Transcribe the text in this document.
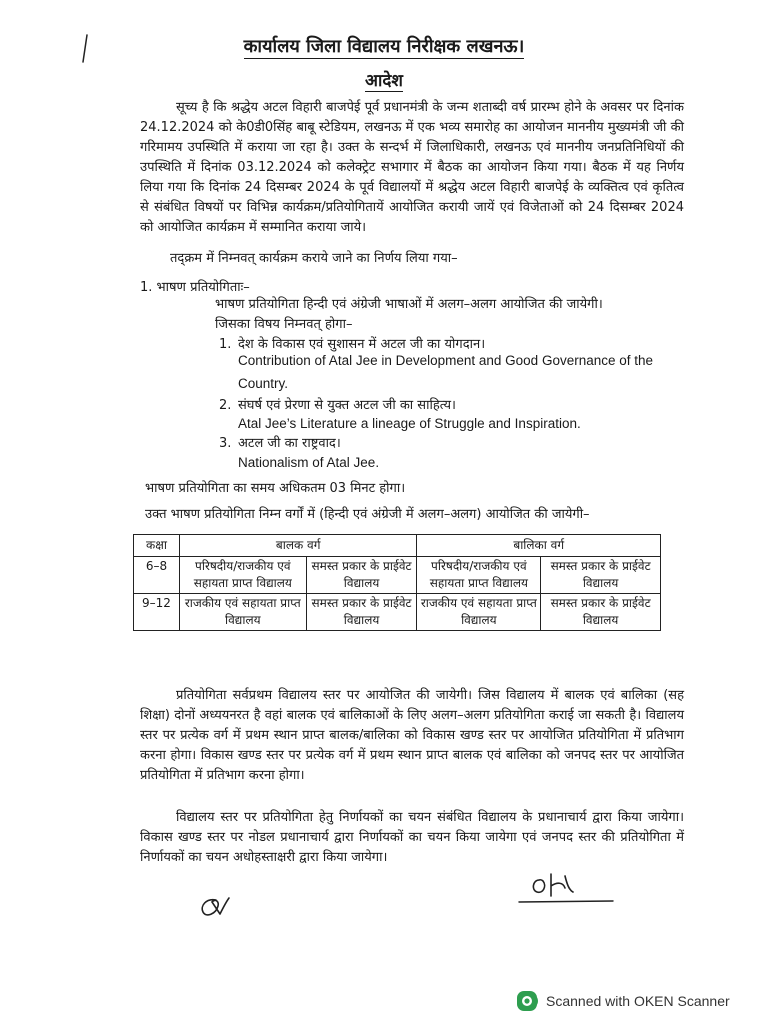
कार्यालय जिला विद्यालय निरीक्षक लखनऊ।
आदेश
सूच्य है कि श्रद्धेय अटल विहारी बाजपेई पूर्व प्रधानमंत्री के जन्म शताब्दी वर्ष प्रारम्भ होने के अवसर पर दिनांक 24.12.2024 को के0डी0सिंह बाबू स्टेडियम, लखनऊ में एक भव्य समारोह का आयोजन माननीय मुख्यमंत्री जी की गरिमामय उपस्थिति में कराया जा रहा है। उक्त के सन्दर्भ में जिलाधिकारी, लखनऊ एवं माननीय जनप्रतिनिधियों की उपस्थिति में दिनांक 03.12.2024 को कलेक्ट्रेट सभागार में बैठक का आयोजन किया गया। बैठक में यह निर्णय लिया गया कि दिनांक 24 दिसम्बर 2024 के पूर्व विद्यालयों में श्रद्धेय अटल विहारी बाजपेई के व्यक्तित्व एवं कृतित्व से संबंधित विषयों पर विभिन्न कार्यक्रम/प्रतियोगितायें आयोजित करायी जायें एवं विजेताओं को 24 दिसम्बर 2024 को आयोजित कार्यक्रम में सम्मानित कराया जाये।
तद्क्रम में निम्नवत् कार्यक्रम कराये जाने का निर्णय लिया गया–
1. भाषण प्रतियोगिताः–
भाषण प्रतियोगिता हिन्दी एवं अंग्रेजी भाषाओं में अलग–अलग आयोजित की जायेगी।
जिसका विषय निम्नवत् होगा–
1. देश के विकास एवं सुशासन में अटल जी का योगदान।
Contribution of Atal Jee in Development and Good Governance of the
Country.
2. संघर्ष एवं प्रेरणा से युक्त अटल जी का साहित्य।
Atal Jee’s Literature a lineage of Struggle and Inspiration.
3. अटल जी का राष्ट्रवाद।
Nationalism of Atal Jee.
भाषण प्रतियोगिता का समय अधिकतम 03 मिनट होगा।
उक्त भाषण प्रतियोगिता निम्न वर्गों में (हिन्दी एवं अंग्रेजी में अलग–अलग) आयोजित की जायेगी–
कक्षा	बालक वर्ग		बालिका वर्ग	
6–8	परिषदीय/राजकीय एवं सहायता प्राप्त विद्यालय	समस्त प्रकार के प्राईवेट विद्यालय	परिषदीय/राजकीय एवं सहायता प्राप्त विद्यालय	समस्त प्रकार के प्राईवेट विद्यालय
9–12	राजकीय एवं सहायता प्राप्त विद्यालय	समस्त प्रकार के प्राईवेट विद्यालय	राजकीय एवं सहायता प्राप्त विद्यालय	समस्त प्रकार के प्राईवेट विद्यालय
प्रतियोगिता सर्वप्रथम विद्यालय स्तर पर आयोजित की जायेगी। जिस विद्यालय में बालक एवं बालिका (सह शिक्षा) दोनों अध्ययनरत है वहां बालक एवं बालिकाओं के लिए अलग–अलग प्रतियोगिता कराई जा सकती है। विद्यालय स्तर पर प्रत्येक वर्ग में प्रथम स्थान प्राप्त बालक/बालिका को विकास खण्ड स्तर पर आयोजित प्रतियोगिता में प्रतिभाग करना होगा। विकास खण्ड स्तर पर प्रत्येक वर्ग में प्रथम स्थान प्राप्त बालक एवं बालिका को जनपद स्तर पर आयोजित प्रतियोगिता में प्रतिभाग करना होगा।
विद्यालय स्तर पर प्रतियोगिता हेतु निर्णायकों का चयन संबंधित विद्यालय के प्रधानाचार्य द्वारा किया जायेगा। विकास खण्ड स्तर पर नोडल प्रधानाचार्य द्वारा निर्णायकों का चयन किया जायेगा एवं जनपद स्तर की प्रतियोगिता में निर्णायकों का चयन अधोहस्ताक्षरी द्वारा किया जायेगा।
Scanned with OKEN Scanner
